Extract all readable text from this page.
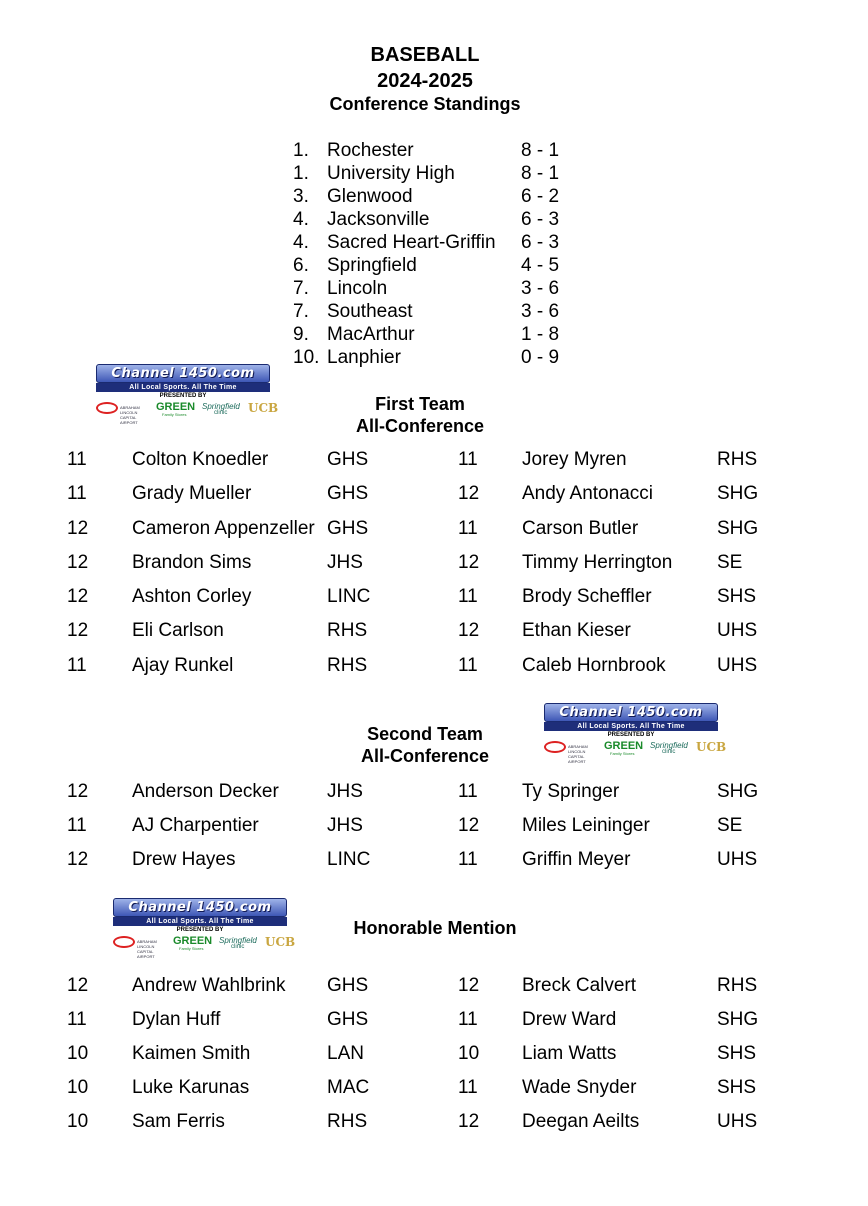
BASEBALL
2024-2025
Conference Standings
1. Rochester	8 - 1
1. University High	8 - 1
3. Glenwood	6 - 2
4. Jacksonville	6 - 3
4. Sacred Heart-Griffin 6 - 3
6. Springfield	4 - 5
7. Lincoln	3 - 6
7. Southeast	3 - 6
9. MacArthur	1 - 8
10. Lanphier	0 - 9
Channel 1450.com
All Local Sports. All The Time
PRESENTED BY
ABRAHAM LINCOLN CAPITAL AIRPORT
GREEN
Family Stores
Springfield
clinic UCB	First Team
All-Conference
11 Colton Knoedler	GHS	11 Jorey Myren	RHS
11 Grady Mueller	GHS	12 Andy Antonacci	SHG
12 Cameron Appenzeller GHS	11 Carson Butler	SHG
12 Brandon Sims	JHS	12 Timmy Herrington SE
12 Ashton Corley	LINC	11 Brody Scheffler	SHS
12 Eli Carlson	RHS	12 Ethan Kieser	UHS
11 Ajay Runkel	RHS	11 Caleb Hornbrook	UHS
Channel 1450.com
All Local Sports. All The Time
PRESENTED BY
ABRAHAM LINCOLN CAPITAL AIRPORT
GREEN
Family Stores
Springfield
clinic UCB
Second Team
All-Conference
12 Anderson Decker	JHS	11 Ty Springer	SHG
11 AJ Charpentier	JHS	12 Miles Leininger	SE
12 Drew Hayes	LINC	11 Griffin Meyer	UHS
Channel 1450.com
All Local Sports. All The Time
PRESENTED BY
ABRAHAM LINCOLN CAPITAL AIRPORT
GREEN
Family Stores
Springfield
clinic UCB
Honorable Mention
12 Andrew Wahlbrink GHS	12 Breck Calvert	RHS
11 Dylan Huff	GHS	11 Drew Ward	SHG
10 Kaimen Smith	LAN	10 Liam Watts	SHS
10 Luke Karunas	MAC	11 Wade Snyder	SHS
10 Sam Ferris	RHS	12 Deegan Aeilts	UHS
